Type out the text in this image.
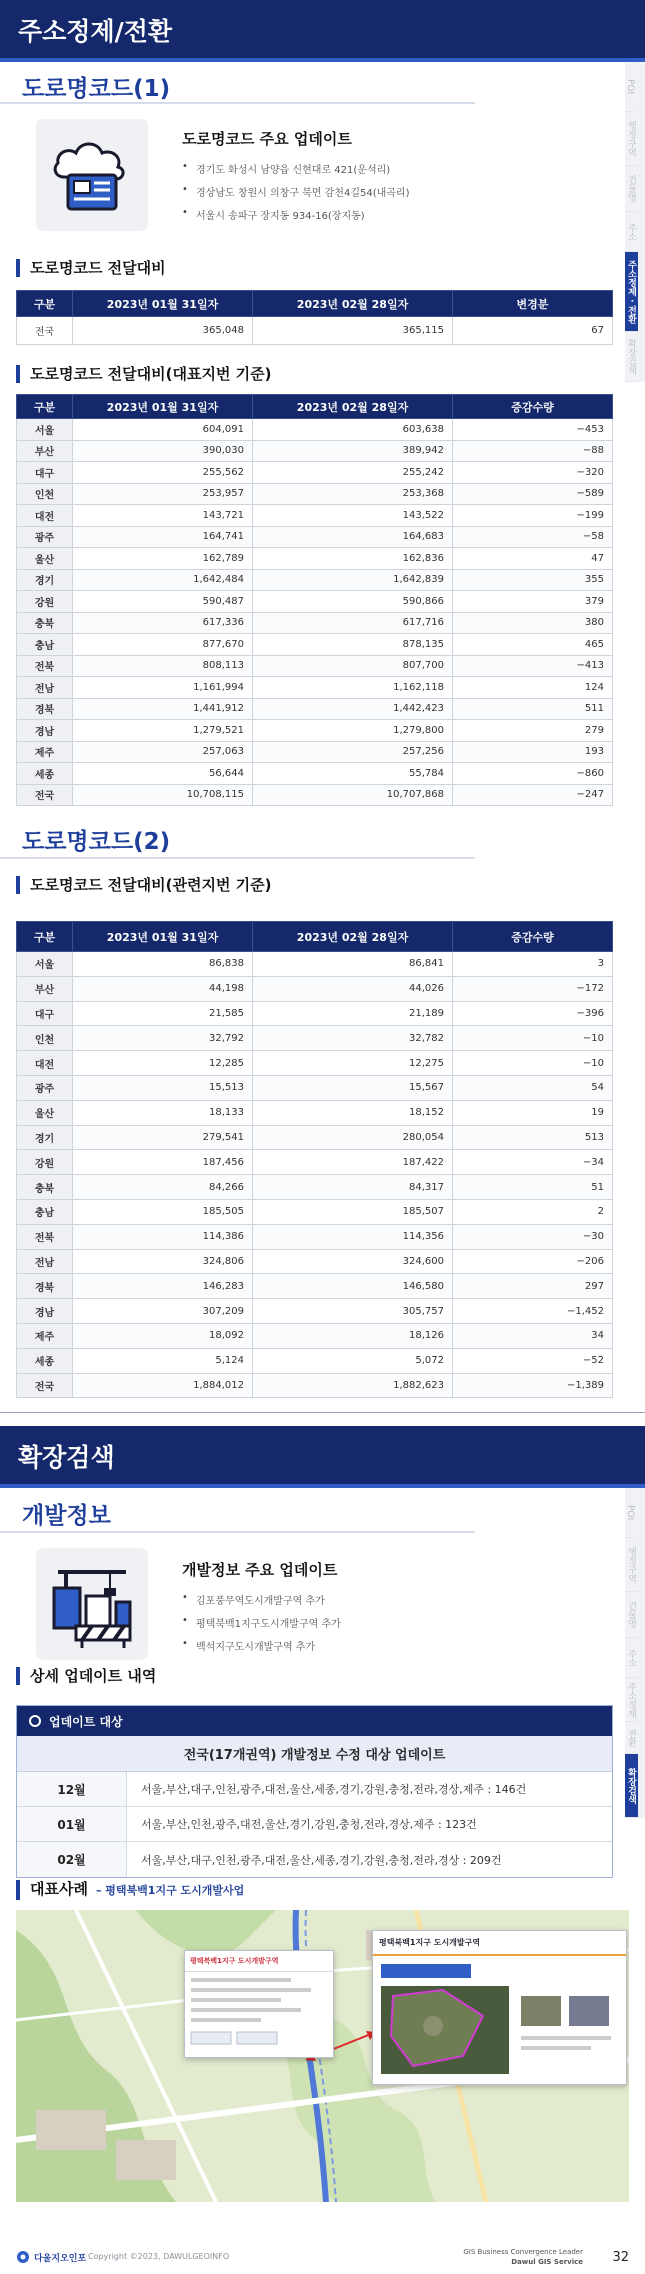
주소정제/전환
POI
행정구역
건물명
주소
주소정제 · 전환
확장검색
도로명코드(1)
도로명코드 주요 업데이트
• 경기도 화성시 남양읍 신현대로 421(운석리)
• 경상남도 창원시 의창구 북면 감천4길54(내곡리)
• 서울시 송파구 장지동 934-16(장지동)
도로명코드 전달대비
구분	2023년 01월 31일자	2023년 02월 28일자	변경분
전국	365,048	365,115	67
도로명코드 전달대비(대표지번 기준)
구분	2023년 01월 31일자	2023년 02월 28일자	증감수량
서울	604,091	603,638	−453
부산	390,030	389,942	−88
대구	255,562	255,242	−320
인천	253,957	253,368	−589
대전	143,721	143,522	−199
광주	164,741	164,683	−58
울산	162,789	162,836	47
경기	1,642,484	1,642,839	355
강원	590,487	590,866	379
충북	617,336	617,716	380
충남	877,670	878,135	465
전북	808,113	807,700	−413
전남	1,161,994	1,162,118	124
경북	1,441,912	1,442,423	511
경남	1,279,521	1,279,800	279
제주	257,063	257,256	193
세종	56,644	55,784	−860
전국	10,708,115	10,707,868	−247
도로명코드(2)
도로명코드 전달대비(관련지번 기준)
구분	2023년 01월 31일자	2023년 02월 28일자	증감수량
서울	86,838	86,841	3
부산	44,198	44,026	−172
대구	21,585	21,189	−396
인천	32,792	32,782	−10
대전	12,285	12,275	−10
광주	15,513	15,567	54
울산	18,133	18,152	19
경기	279,541	280,054	513
강원	187,456	187,422	−34
충북	84,266	84,317	51
충남	185,505	185,507	2
전북	114,386	114,356	−30
전남	324,806	324,600	−206
경북	146,283	146,580	297
경남	307,209	305,757	−1,452
제주	18,092	18,126	34
세종	5,124	5,072	−52
전국	1,884,012	1,882,623	−1,389
확장검색
POI
행정구역
건물명
주소
주소정제
전환
확장검색
개발정보
개발정보 주요 업데이트
• 김포풍무역도시개발구역 추가
• 평택북백1지구도시개발구역 추가
• 백석지구도시개발구역 추가
상세 업데이트 내역
업데이트 대상
전국(17개권역) 개발정보 수정 대상 업데이트
12월	서울,부산,대구,인천,광주,대전,울산,세종,경기,강원,충청,전라,경상,제주 : 146건
01월	서울,부산,인천,광주,대전,울산,경기,강원,충청,전라,경상,제주 : 123건
02월	서울,부산,대구,인천,광주,대전,울산,세종,경기,강원,충청,전라,경상 : 209건
대표사례 – 평택북백1지구 도시개발사업
평택북백1지구 도시개발구역
평택북백1지구 도시개발구역
다울지오인포 Copyright ©2023, DAWULGEOINFO	GIS Business Convergence Leader
Dawul GIS Service 32
